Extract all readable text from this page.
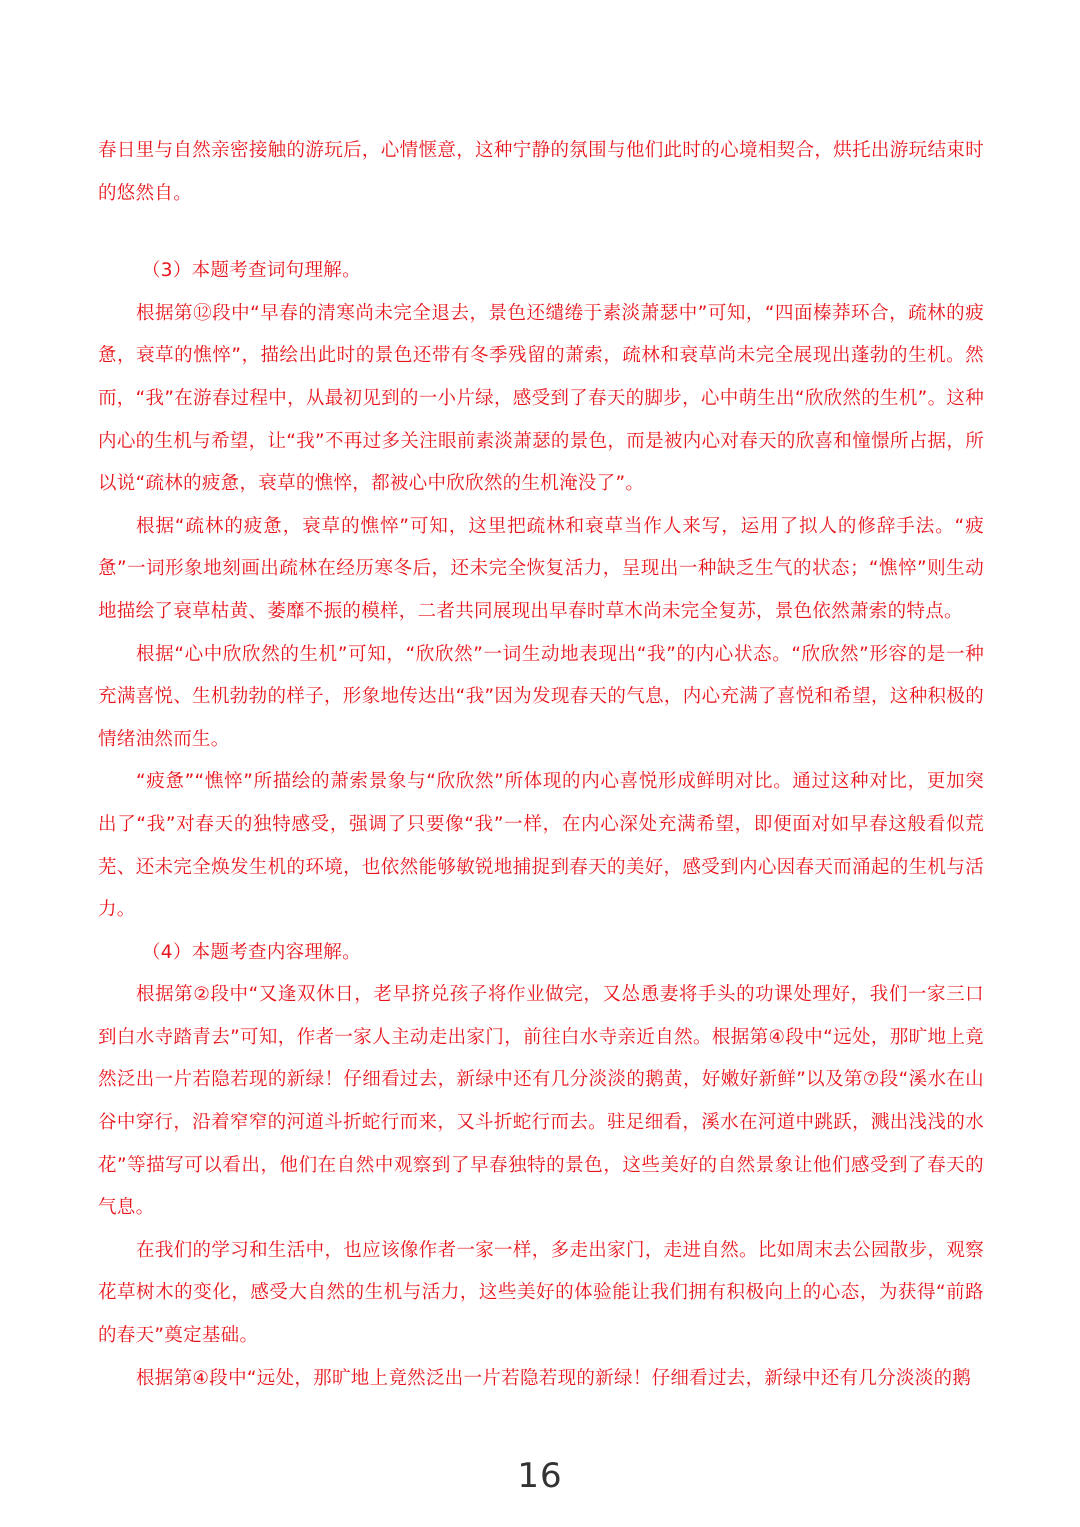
春日里与自然亲密接触的游玩后，心情惬意，这种宁静的氛围与他们此时的心境相契合，烘托出游玩结束时的悠然自。

（3）本题考查词句理解。

根据第⑫段中“早春的清寒尚未完全退去，景色还缱绻于素淡萧瑟中”可知，“四面榛莽环合，疏林的疲惫，衰草的憔悴”，描绘出此时的景色还带有冬季残留的萧索，疏林和衰草尚未完全展现出蓬勃的生机。然而，“我”在游春过程中，从最初见到的一小片绿，感受到了春天的脚步，心中萌生出“欣欣然的生机”。这种内心的生机与希望，让“我”不再过多关注眼前素淡萧瑟的景色，而是被内心对春天的欣喜和憧憬所占据，所以说“疏林的疲惫，衰草的憔悴，都被心中欣欣然的生机淹没了”。

根据“疏林的疲惫，衰草的憔悴”可知，这里把疏林和衰草当作人来写，运用了拟人的修辞手法。“疲惫”一词形象地刻画出疏林在经历寒冬后，还未完全恢复活力，呈现出一种缺乏生气的状态；“憔悴”则生动地描绘了衰草枯黄、萎靡不振的模样，二者共同展现出早春时草木尚未完全复苏，景色依然萧索的特点。

根据“心中欣欣然的生机”可知，“欣欣然”一词生动地表现出“我”的内心状态。“欣欣然”形容的是一种充满喜悦、生机勃勃的样子，形象地传达出“我”因为发现春天的气息，内心充满了喜悦和希望，这种积极的情绪油然而生。

“疲惫”“憔悴”所描绘的萧索景象与“欣欣然”所体现的内心喜悦形成鲜明对比。通过这种对比，更加突出了“我”对春天的独特感受，强调了只要像“我”一样，在内心深处充满希望，即便面对如早春这般看似荒芜、还未完全焕发生机的环境，也依然能够敏锐地捕捉到春天的美好，感受到内心因春天而涌起的生机与活力。

（4）本题考查内容理解。

根据第②段中“又逢双休日，老早挤兑孩子将作业做完，又怂恿妻将手头的功课处理好，我们一家三口到白水寺踏青去”可知，作者一家人主动走出家门，前往白水寺亲近自然。根据第④段中“远处，那旷地上竟然泛出一片若隐若现的新绿！仔细看过去，新绿中还有几分淡淡的鹅黄，好嫩好新鲜”以及第⑦段“溪水在山谷中穿行，沿着窄窄的河道斗折蛇行而来，又斗折蛇行而去。驻足细看，溪水在河道中跳跃，溅出浅浅的水花”等描写可以看出，他们在自然中观察到了早春独特的景色，这些美好的自然景象让他们感受到了春天的气息。

在我们的学习和生活中，也应该像作者一家一样，多走出家门，走进自然。比如周末去公园散步，观察花草树木的变化，感受大自然的生机与活力，这些美好的体验能让我们拥有积极向上的心态，为获得“前路的春天”奠定基础。

根据第④段中“远处，那旷地上竟然泛出一片若隐若现的新绿！仔细看过去，新绿中还有几分淡淡的鹅

16
